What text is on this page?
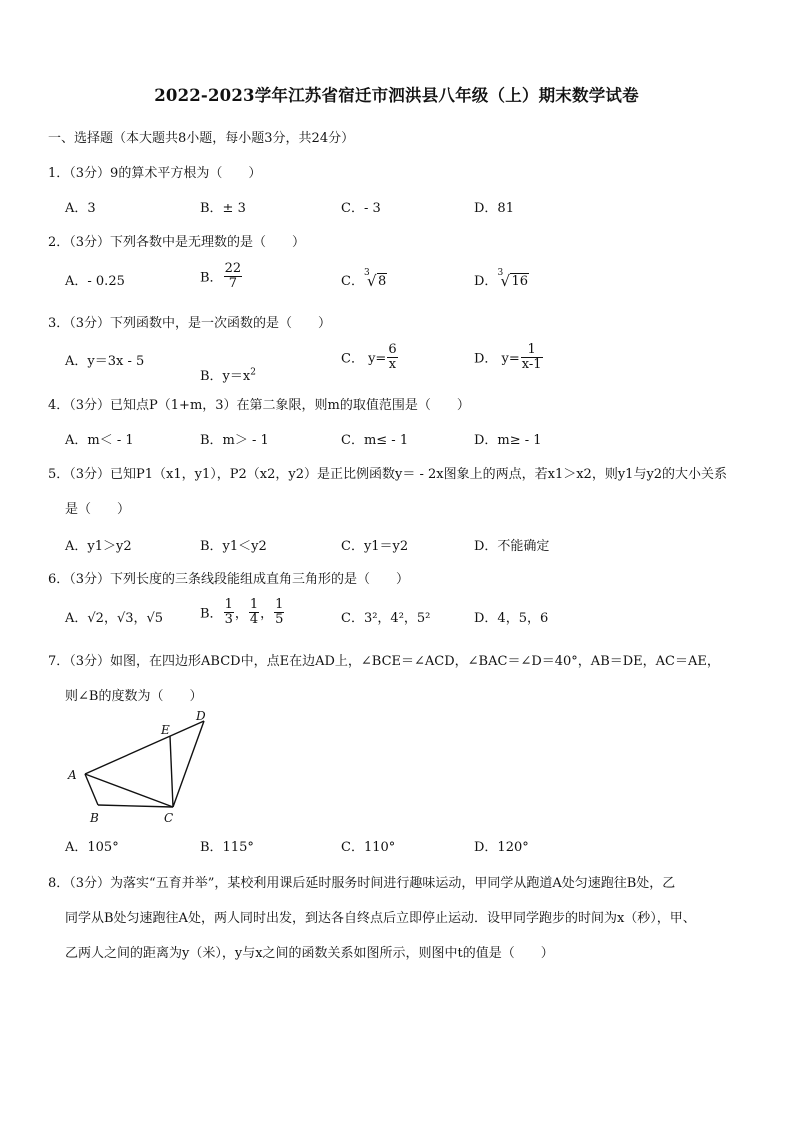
2022-2023学年江苏省宿迁市泗洪县八年级（上）期末数学试卷
一、选择题（本大题共8小题，每小题3分，共24分）
1．（3分）9的算术平方根为（　　）
A．3	B．± 3	C．- 3	D．81
2．（3分）下列各数中是无理数的是（　　）
A．- 0.25	B． $\frac{22}{7}$	C．
3
√ 8	D．
3
√ 16
3．（3分）下列函数中，是一次函数的是（　　）
A．y＝3x - 5
B．$y=x^2$
C． $y= \frac{6}{x}$	D． $y= \frac{1}{x-1}$
4．（3分）已知点P（1+m，3）在第二象限，则m的取值范围是（　　）
A．m＜ - 1	B．m＞ - 1	C．m≤ - 1	D．m≥ - 1
5．（3分）已知P1（x1，y1），P2（x2，y2）是正比例函数y＝ - 2x图象上的两点，若x1＞x2，则y1与y2的大小关系
是（　　）
A．y1＞y2	B．y1＜y2	C．y1＝y2	D．不能确定
6．（3分）下列长度的三条线段能组成直角三角形的是（　　）
A．√2，√3，√5	B． $\frac{1}{3}$ ， $\frac{1}{4}$ ， $\frac{1}{5}$	C．3²，4²，5²	D．4，5，6
7．（3分）如图，在四边形ABCD中，点E在边AD上，∠BCE＝∠ACD，∠BAC＝∠D＝40°，AB＝DE，AC＝AE，
则∠B的度数为（　　）
A
B	C
D
E
A．105°	B．115°	C．110°	D．120°
8．（3分）为落实“五育并举”，某校利用课后延时服务时间进行趣味运动，甲同学从跑道A处匀速跑往B处，乙
同学从B处匀速跑往A处，两人同时出发，到达各自终点后立即停止运动．设甲同学跑步的时间为x（秒），甲、
乙两人之间的距离为y（米），y与x之间的函数关系如图所示，则图中t的值是（　　）
